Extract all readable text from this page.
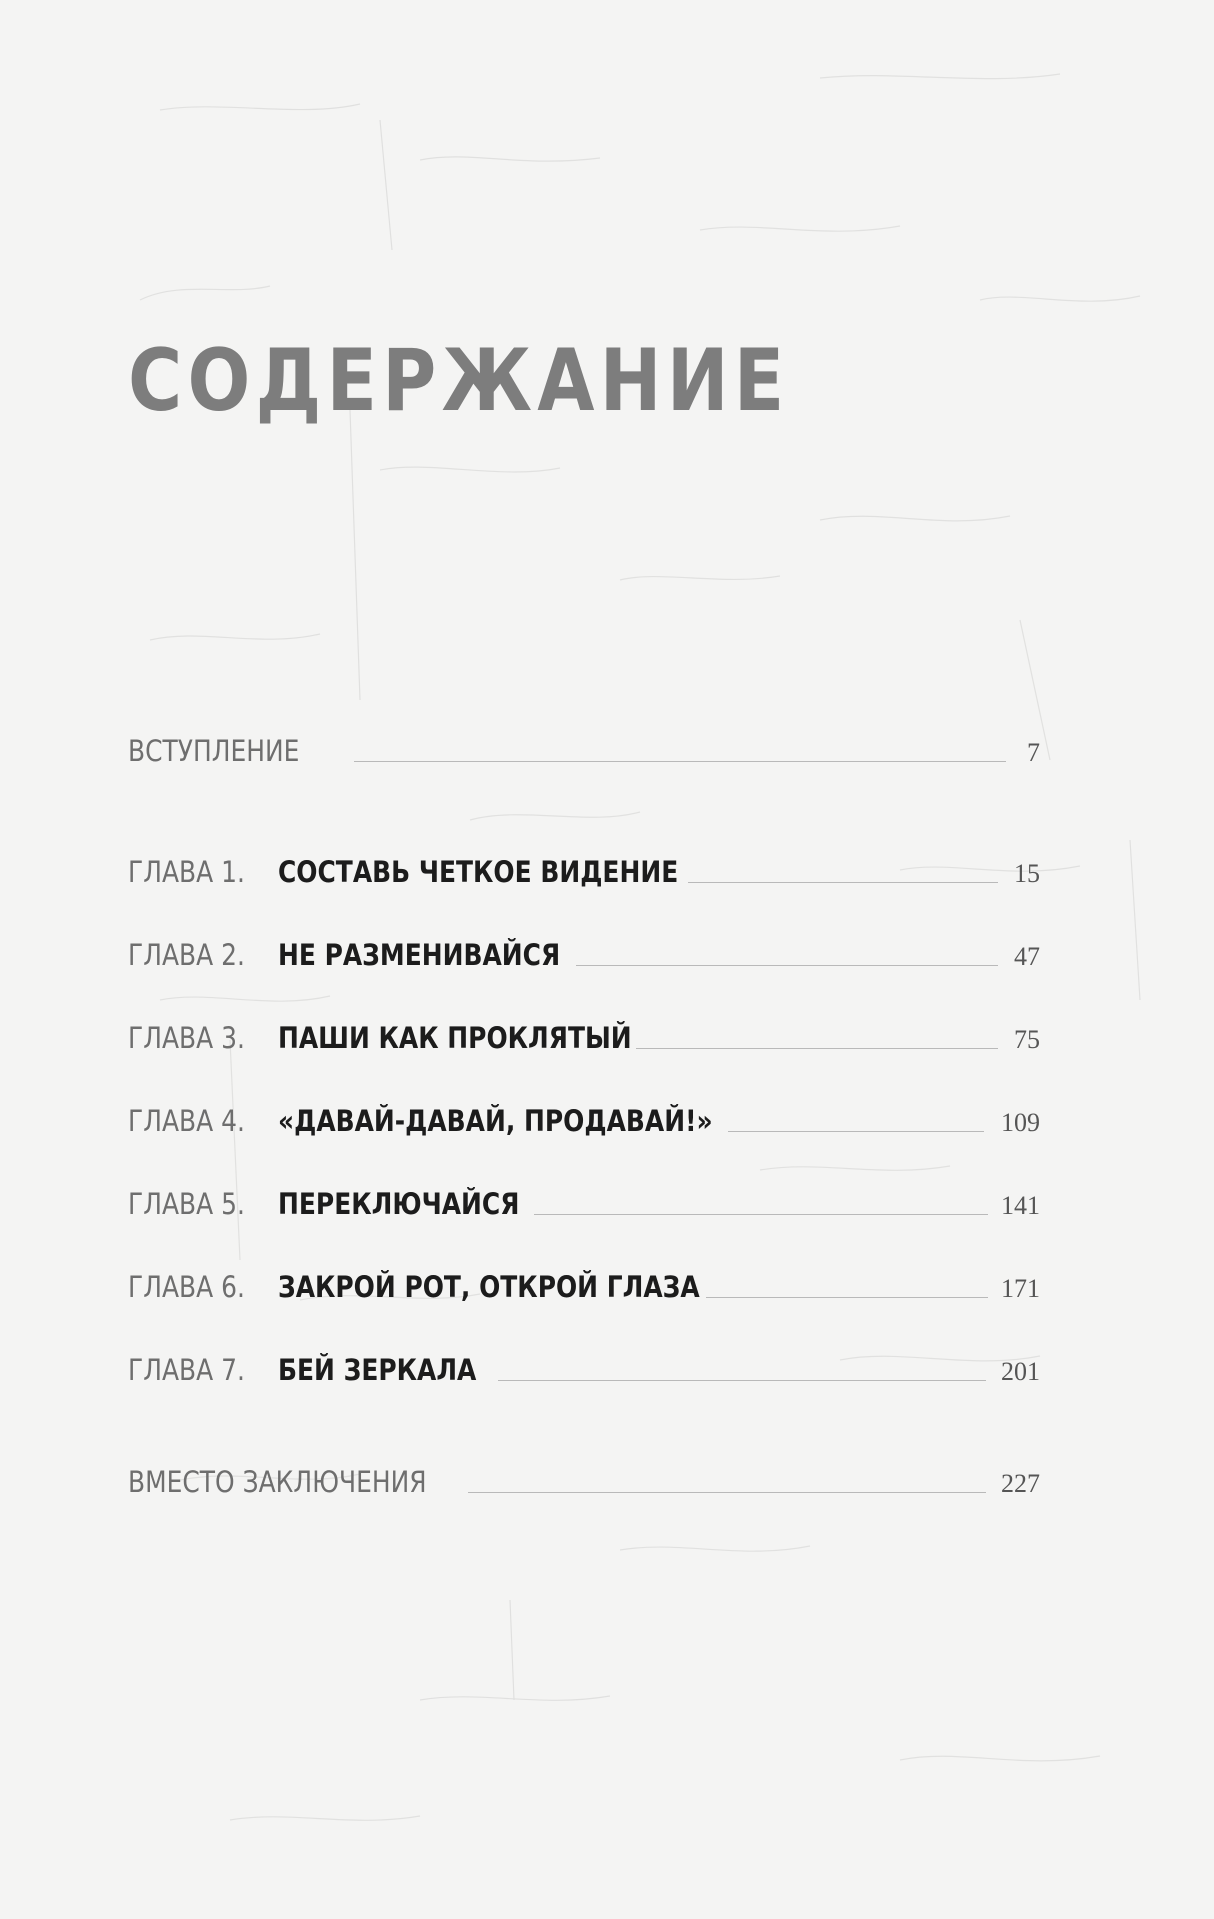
СОДЕРЖАНИЕ
ВСТУПЛЕНИЕ	7
ГЛАВА 1.	СОСТАВЬ ЧЕТКОЕ ВИДЕНИЕ	15
ГЛАВА 2.	НЕ РАЗМЕНИВАЙСЯ	47
ГЛАВА 3.	ПАШИ КАК ПРОКЛЯТЫЙ	75
ГЛАВА 4.	«ДАВАЙ-ДАВАЙ, ПРОДАВАЙ!»	109
ГЛАВА 5.	ПЕРЕКЛЮЧАЙСЯ	141
ГЛАВА 6.	ЗАКРОЙ РОТ, ОТКРОЙ ГЛАЗА	171
ГЛАВА 7.	БЕЙ ЗЕРКАЛА	201
ВМЕСТО ЗАКЛЮЧЕНИЯ	227
